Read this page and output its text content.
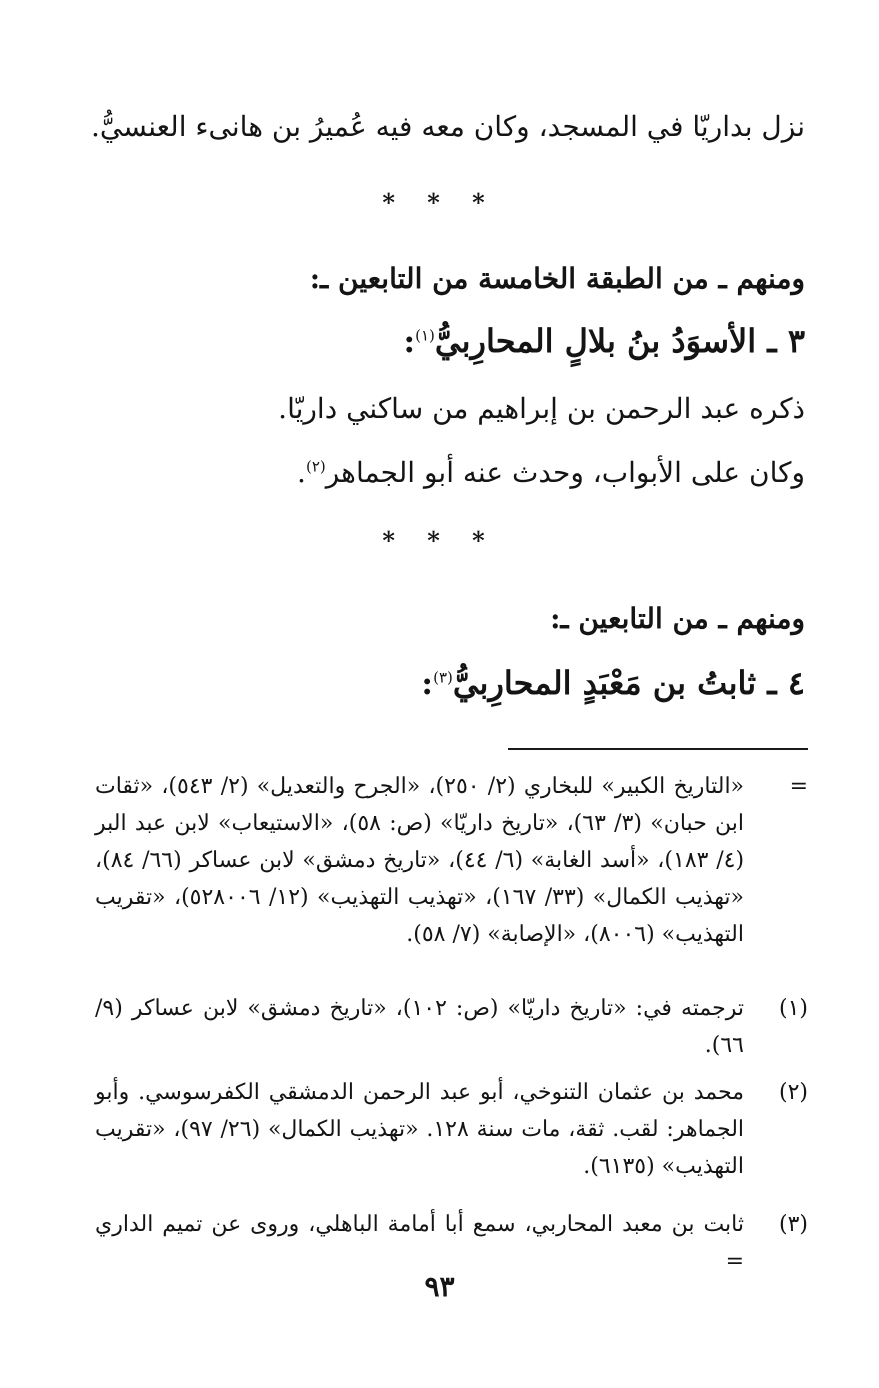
نزل بداريّا في المسجد، وكان معه فيه عُميرُ بن هانىء العنسيُّ.
* * *
ومنهم ـ من الطبقة الخامسة من التابعين ـ:
٣ ـ الأسوَدُ بنُ بلالٍ المحارِبيُّ$^{(١)}$:
ذكره عبد الرحمن بن إبراهيم من ساكني داريّا.
وكان على الأبواب، وحدث عنه أبو الجماهر$^{(٢)}$.
* * *
ومنهم ـ من التابعين ـ:
٤ ـ ثابتُ بن مَعْبَدٍ المحارِبيُّ$^{(٣)}$:
=
«التاريخ الكبير» للبخاري (٢/ ٢٥٠)، «الجرح والتعديل» (٢/ ٥٤٣)، «ثقات ابن حبان» (٣/ ٦٣)، «تاريخ داريّا» (ص: ٥٨)، «الاستيعاب» لابن عبد البر (٤/ ١٨٣)، «أسد الغابة» (٦/ ٤٤)، «تاريخ دمشق» لابن عساكر (٦٦/ ٨٤)، «تهذيب الكمال» (٣٣/ ١٦٧)، «تهذيب التهذيب» (١٢/ ٥٢٨٠٠٦)، «تقريب التهذيب» (٨٠٠٦)، «الإصابة» (٧/ ٥٨).
(١)
ترجمته في: «تاريخ داريّا» (ص: ١٠٢)، «تاريخ دمشق» لابن عساكر (٩/ ٦٦).
(٢)
محمد بن عثمان التنوخي، أبو عبد الرحمن الدمشقي الكفرسوسي. وأبو الجماهر: لقب. ثقة، مات سنة ١٢٨. «تهذيب الكمال» (٢٦/ ٩٧)، «تقريب التهذيب» (٦١٣٥).
(٣)
ثابت بن معبد المحاربي، سمع أبا أمامة الباهلي، وروى عن تميم الداري =
٩٣
